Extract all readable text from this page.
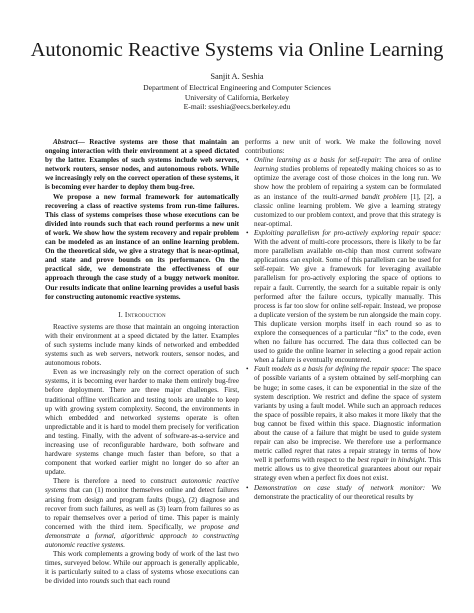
Autonomic Reactive Systems via Online Learning
Sanjit A. Seshia
Department of Electrical Engineering and Computer Sciences
University of California, Berkeley
E-mail: sseshia@eecs.berkeley.edu

Abstract— Reactive systems are those that maintain an ongoing interaction with their environment at a speed dictated by the latter. Examples of such systems include web servers, network routers, sensor nodes, and autonomous robots. While we increasingly rely on the correct operation of these systems, it is becoming ever harder to deploy them bug-free.

We propose a new formal framework for automatically recovering a class of reactive systems from run-time failures. This class of systems comprises those whose executions can be divided into rounds such that each round performs a new unit of work. We show how the system recovery and repair problem can be modeled as an instance of an online learning problem. On the theoretical side, we give a strategy that is near-optimal, and state and prove bounds on its performance. On the practical side, we demonstrate the effectiveness of our approach through the case study of a buggy network monitor. Our results indicate that online learning provides a useful basis for constructing autonomic reactive systems.

I. Introduction

Reactive systems are those that maintain an ongoing interaction with their environment at a speed dictated by the latter. Examples of such systems include many kinds of networked and embedded systems such as web servers, network routers, sensor nodes, and autonomous robots.

Even as we increasingly rely on the correct operation of such systems, it is becoming ever harder to make them entirely bug-free before deployment. There are three major challenges. First, traditional offline verification and testing tools are unable to keep up with growing system complexity. Second, the environments in which embedded and networked systems operate is often unpredictable and it is hard to model them precisely for verification and testing. Finally, with the advent of software-as-a-service and increasing use of reconfigurable hardware, both software and hardware systems change much faster than before, so that a component that worked earlier might no longer do so after an update.

There is therefore a need to construct autonomic reactive systems that can (1) monitor themselves online and detect failures arising from design and program faults (bugs), (2) diagnose and recover from such failures, as well as (3) learn from failures so as to repair themselves over a period of time. This paper is mainly concerned with the third item. Specifically, we propose and demonstrate a formal, algorithmic approach to constructing autonomic reactive systems.

This work complements a growing body of work of the last two times, surveyed below. While our approach is generally applicable, it is particularly suited to a class of systems whose executions can be divided into rounds such that each round

performs a new unit of work. We make the following novel contributions:

• Online learning as a basis for self-repair: The area of online learning studies problems of repeatedly making choices so as to optimize the average cost of those choices in the long run. We show how the problem of repairing a system can be formulated as an instance of the multi-armed bandit problem [1], [2], a classic online learning problem. We give a learning strategy customized to our problem context, and prove that this strategy is near-optimal.
• Exploiting parallelism for pro-actively exploring repair space: With the advent of multi-core processors, there is likely to be far more parallelism available on-chip than most current software applications can exploit. Some of this parallelism can be used for self-repair. We give a framework for leveraging available parallelism for pro-actively exploring the space of options to repair a fault. Currently, the search for a suitable repair is only performed after the failure occurs, typically manually. This process is far too slow for online self-repair. Instead, we propose a duplicate version of the system be run alongside the main copy. This duplicate version morphs itself in each round so as to explore the consequences of a particular “fix” to the code, even when no failure has occurred. The data thus collected can be used to guide the online learner in selecting a good repair action when a failure is eventually encountered.
• Fault models as a basis for defining the repair space: The space of possible variants of a system obtained by self-morphing can be huge; in some cases, it can be exponential in the size of the system description. We restrict and define the space of system variants by using a fault model. While such an approach reduces the space of possible repairs, it also makes it more likely that the bug cannot be fixed within this space. Diagnostic information about the cause of a failure that might be used to guide system repair can also be imprecise. We therefore use a performance metric called regret that rates a repair strategy in terms of how well it performs with respect to the best repair in hindsight. This metric allows us to give theoretical guarantees about our repair strategy even when a perfect fix does not exist.
• Demonstration on case study of network monitor: We demonstrate the practicality of our theoretical results by
